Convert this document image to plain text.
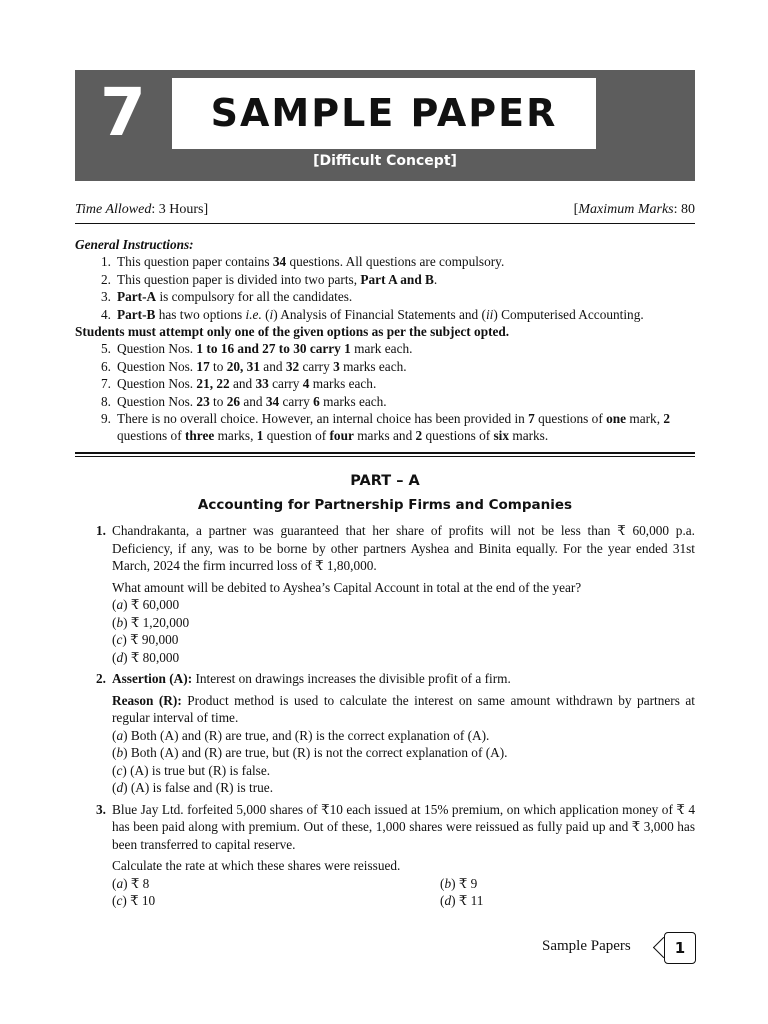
7	SAMPLE PAPER
[Difficult Concept]
Time Allowed: 3 Hours]	[Maximum Marks: 80
General Instructions:
1. This question paper contains 34 questions. All questions are compulsory.
2. This question paper is divided into two parts, Part A and B.
3. Part-A is compulsory for all the candidates.
4. Part-B has two options i.e. (i) Analysis of Financial Statements and (ii) Computerised Accounting.
Students must attempt only one of the given options as per the subject opted.
5. Question Nos. 1 to 16 and 27 to 30 carry 1 mark each.
6. Question Nos. 17 to 20, 31 and 32 carry 3 marks each.
7. Question Nos. 21, 22 and 33 carry 4 marks each.
8. Question Nos. 23 to 26 and 34 carry 6 marks each.
9. There is no overall choice. However, an internal choice has been provided in 7 questions of one mark, 2 questions of three marks, 1 question of four marks and 2 questions of six marks.
PART – A
Accounting for Partnership Firms and Companies
1. Chandrakanta, a partner was guaranteed that her share of profits will not be less than ₹ 60,000 p.a. Deficiency, if any, was to be borne by other partners Ayshea and Binita equally. For the year ended 31st March, 2024 the firm incurred loss of ₹ 1,80,000.

What amount will be debited to Ayshea’s Capital Account in total at the end of the year?

(a) ₹ 60,000
(b) ₹ 1,20,000
(c) ₹ 90,000
(d) ₹ 80,000
2. Assertion (A): Interest on drawings increases the divisible profit of a firm.

Reason (R): Product method is used to calculate the interest on same amount withdrawn by partners at regular interval of time.

(a) Both (A) and (R) are true, and (R) is the correct explanation of (A).
(b) Both (A) and (R) are true, but (R) is not the correct explanation of (A).
(c) (A) is true but (R) is false.
(d) (A) is false and (R) is true.
3. Blue Jay Ltd. forfeited 5,000 shares of ₹10 each issued at 15% premium, on which application money of ₹ 4 has been paid along with premium. Out of these, 1,000 shares were reissued as fully paid up and ₹ 3,000 has been transferred to capital reserve.

Calculate the rate at which these shares were reissued.

(a) ₹ 8	(b) ₹ 9
(c) ₹ 10	(d) ₹ 11
Sample Papers	1
